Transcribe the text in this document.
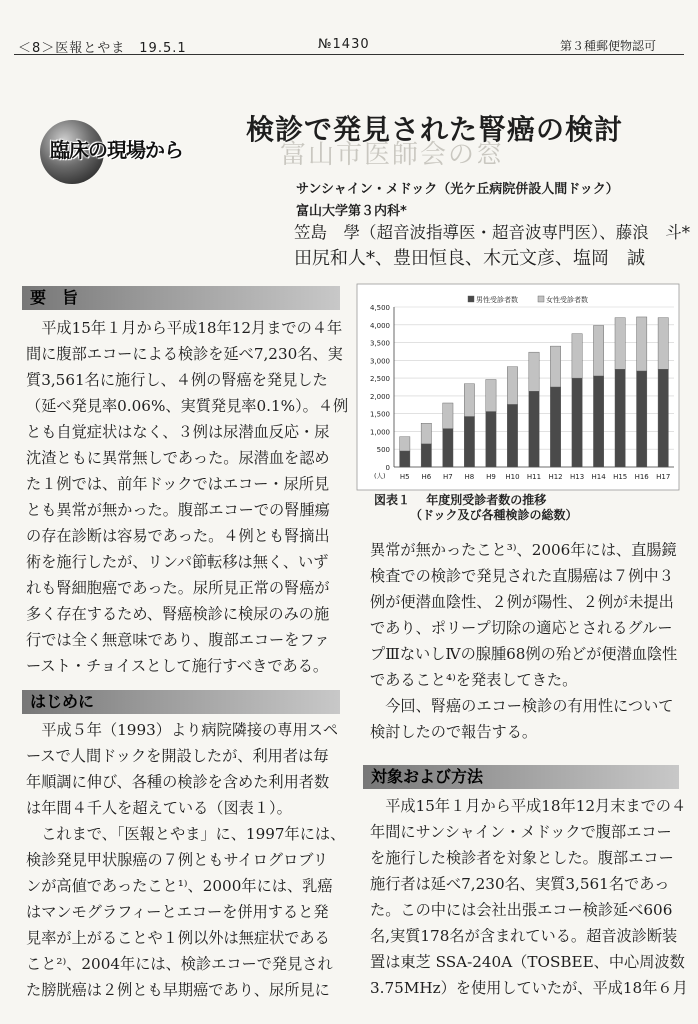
＜8＞医報とやま　19.5.1	№1430	第３種郵便物認可
富山市医師会の窓
臨床の現場から
検診で発見された腎癌の検討
サンシャイン・メドック（光ケ丘病院併設人間ドック）
富山大学第３内科*
笠島　學（超音波指導医・超音波専門医）、藤浪　斗*
田尻和人*、豊田恒良、木元文彦、塩岡　誠
要　旨
はじめに
対象および方法
　平成15年１月から平成18年12月までの４年
間に腹部エコーによる検診を延べ7,230名、実
質3,561名に施行し、４例の腎癌を発見した
（延べ発見率0.06%、実質発見率0.1%）。４例
とも自覚症状はなく、３例は尿潜血反応・尿
沈渣ともに異常無しであった。尿潜血を認め
た１例では、前年ドックではエコー・尿所見
とも異常が無かった。腹部エコーでの腎腫瘍
の存在診断は容易であった。４例とも腎摘出
術を施行したが、リンパ節転移は無く、いず
れも腎細胞癌であった。尿所見正常の腎癌が
多く存在するため、腎癌検診に検尿のみの施
行では全く無意味であり、腹部エコーをファ
ースト・チョイスとして施行すべきである。
　平成５年（1993）より病院隣接の専用スペ
ースで人間ドックを開設したが、利用者は毎
年順調に伸び、各種の検診を含めた利用者数
は年間４千人を超えている（図表１）。
　これまで、「医報とやま」に、1997年には、
検診発見甲状腺癌の７例ともサイログロブリ
ンが高値であったこと¹⁾、2000年には、乳癌
はマンモグラフィーとエコーを併用すると発
見率が上がることや１例以外は無症状である
こと²⁾、2004年には、検診エコーで発見され
た膀胱癌は２例とも早期癌であり、尿所見に
0
500
1,000
1,500
2,000
2,500
3,000
3,500
4,000
4,500
(人) H5 H6 H7 H8 H9 H10 H11 H12 H13 H14 H15 H16 H17
男性受診者数	女性受診者数
図表１ 年度別受診者数の推移
（ドック及び各種検診の総数）
異常が無かったこと³⁾、2006年には、直腸鏡
検査での検診で発見された直腸癌は７例中３
例が便潜血陰性、２例が陽性、２例が未提出
であり、ポリープ切除の適応とされるグルー
プⅢないしⅣの腺腫68例の殆どが便潜血陰性
であること⁴⁾を発表してきた。
　今回、腎癌のエコー検診の有用性について
検討したので報告する。
　平成15年１月から平成18年12月末までの４
年間にサンシャイン・メドックで腹部エコー
を施行した検診者を対象とした。腹部エコー
施行者は延べ7,230名、実質3,561名であっ
た。この中には会社出張エコー検診延べ606
名,実質178名が含まれている。超音波診断装
置は東芝 SSA-240A（TOSBEE、中心周波数
3.75MHz）を使用していたが、平成18年６月
